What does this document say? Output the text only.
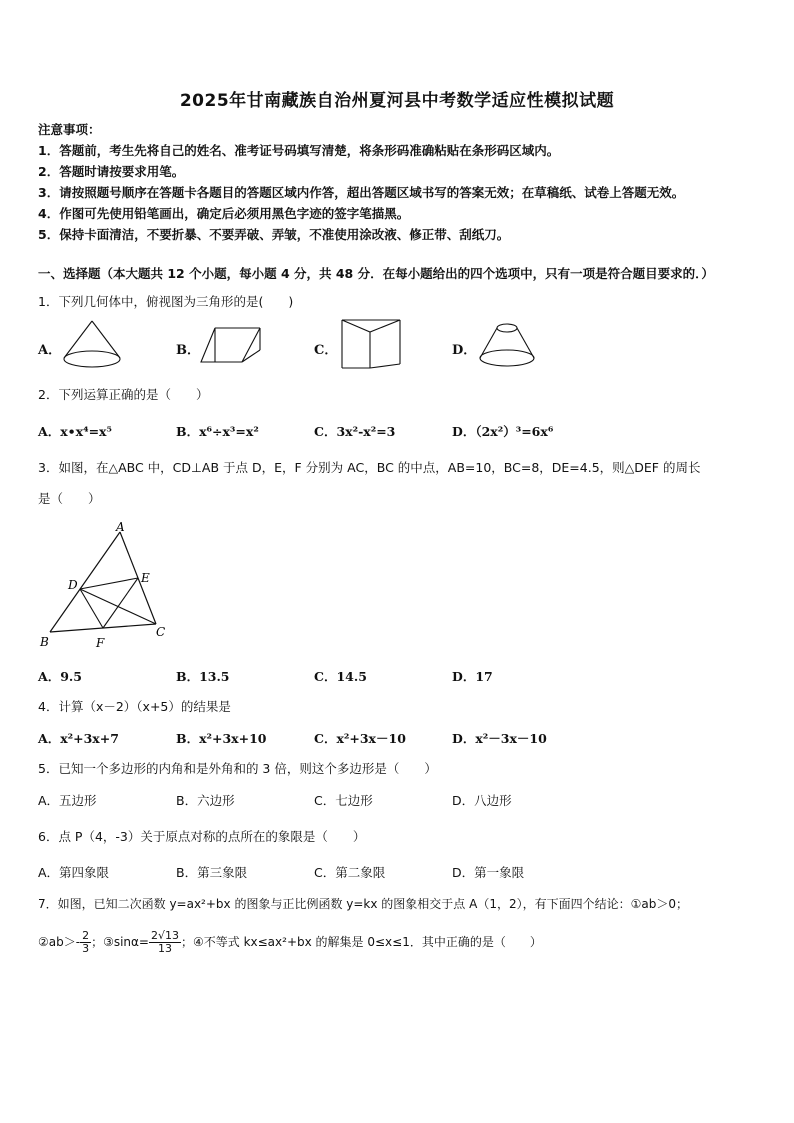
2025年甘南藏族自治州夏河县中考数学适应性模拟试题
注意事项：
1．答题前，考生先将自己的姓名、准考证号码填写清楚，将条形码准确粘贴在条形码区域内。
2．答题时请按要求用笔。
3．请按照题号顺序在答题卡各题目的答题区域内作答，超出答题区域书写的答案无效；在草稿纸、试卷上答题无效。
4．作图可先使用铅笔画出，确定后必须用黑色字迹的签字笔描黑。
5．保持卡面清洁，不要折暴、不要弄破、弄皱，不准使用涂改液、修正带、刮纸刀。
一、选择题（本大题共 12 个小题，每小题 4 分，共 48 分．在每小题给出的四个选项中，只有一项是符合题目要求的．）
1．下列几何体中，俯视图为三角形的是(　　)
A．	B．	C．	D．
2．下列运算正确的是（　　）
A．x•x⁴=x⁵	B．x⁶÷x³=x²	C．3x²-x²=3	D．（2x²）³=6x⁶
3．如图，在△ABC 中，CD⊥AB 于点 D，E，F 分别为 AC，BC 的中点，AB=10，BC=8，DE=4.5，则△DEF 的周长
是（　　）
A
D	E
B	F
C
A．9.5	B．13.5	C．14.5	D．17
4．计算（x－2）（x+5）的结果是
A．x²+3x+7	B．x²+3x+10	C．x²+3x－10	D．x²－3x－10
5．已知一个多边形的内角和是外角和的 3 倍，则这个多边形是（　　）
A．五边形	B．六边形	C．七边形	D．八边形
6．点 P（4，-3）关于原点对称的点所在的象限是（　　）
A．第四象限	B．第三象限	C．第二象限	D．第一象限
7．如图，已知二次函数 y=ax²+bx 的图象与正比例函数 y=kx 的图象相交于点 A（1，2），有下面四个结论：①ab＞0；
②ab＞- $\frac{2}{3}$ ；③sinα= $\frac{2√13}{13}$ ；④不等式 kx≤ax²+bx 的解集是 0≤x≤1．其中正确的是（　　）
